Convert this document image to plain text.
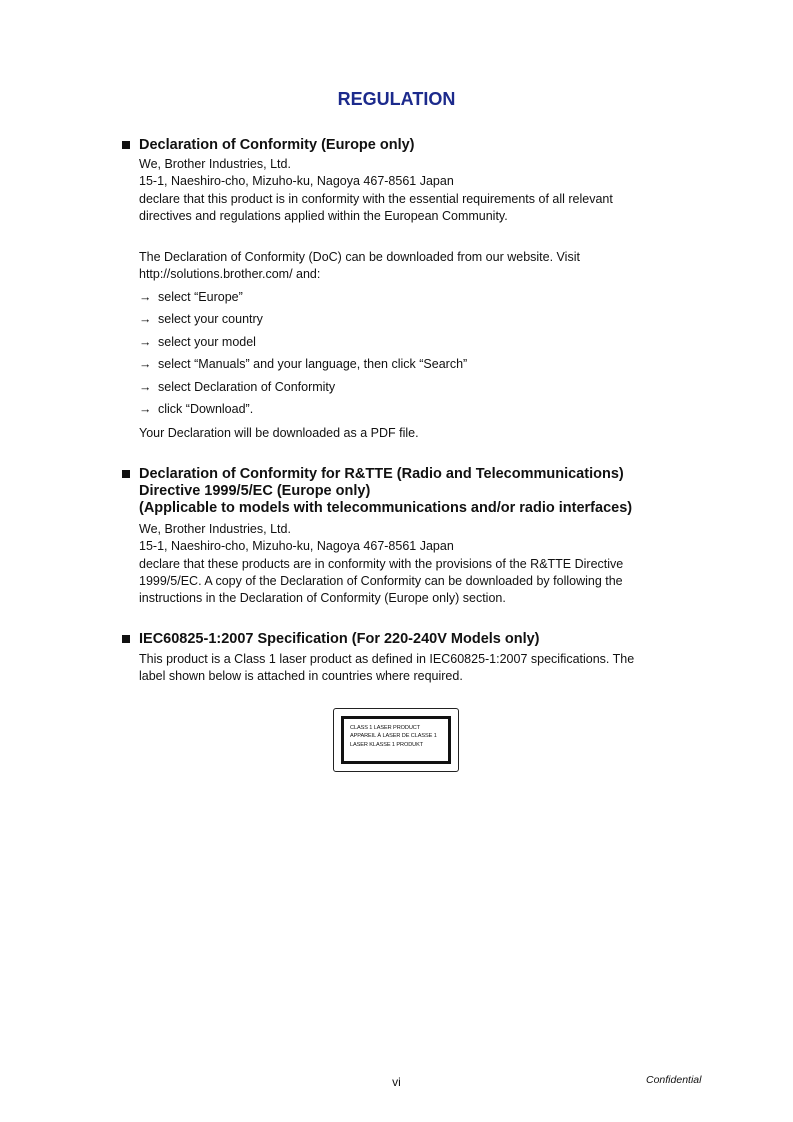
REGULATION
Declaration of Conformity (Europe only)
We, Brother Industries, Ltd.
15-1, Naeshiro-cho, Mizuho-ku, Nagoya 467-8561 Japan
declare that this product is in conformity with the essential requirements of all relevant
directives and regulations applied within the European Community.
The Declaration of Conformity (DoC) can be downloaded from our website. Visit
http://solutions.brother.com/ and:
→ select “Europe”
→ select your country
→ select your model
→ select “Manuals” and your language, then click “Search”
→ select Declaration of Conformity
→ click “Download”.
Your Declaration will be downloaded as a PDF file.
Declaration of Conformity for R&TTE (Radio and Telecommunications)
Directive 1999/5/EC (Europe only)
(Applicable to models with telecommunications and/or radio interfaces)
We, Brother Industries, Ltd.
15-1, Naeshiro-cho, Mizuho-ku, Nagoya 467-8561 Japan
declare that these products are in conformity with the provisions of the R&TTE Directive
1999/5/EC. A copy of the Declaration of Conformity can be downloaded by following the
instructions in the Declaration of Conformity (Europe only) section.
IEC60825-1:2007 Specification (For 220-240V Models only)
This product is a Class 1 laser product as defined in IEC60825-1:2007 specifications. The
label shown below is attached in countries where required.
CLASS 1 LASER PRODUCT
APPAREIL À LASER DE CLASSE 1
LASER KLASSE 1 PRODUKT
vi	Confidential
